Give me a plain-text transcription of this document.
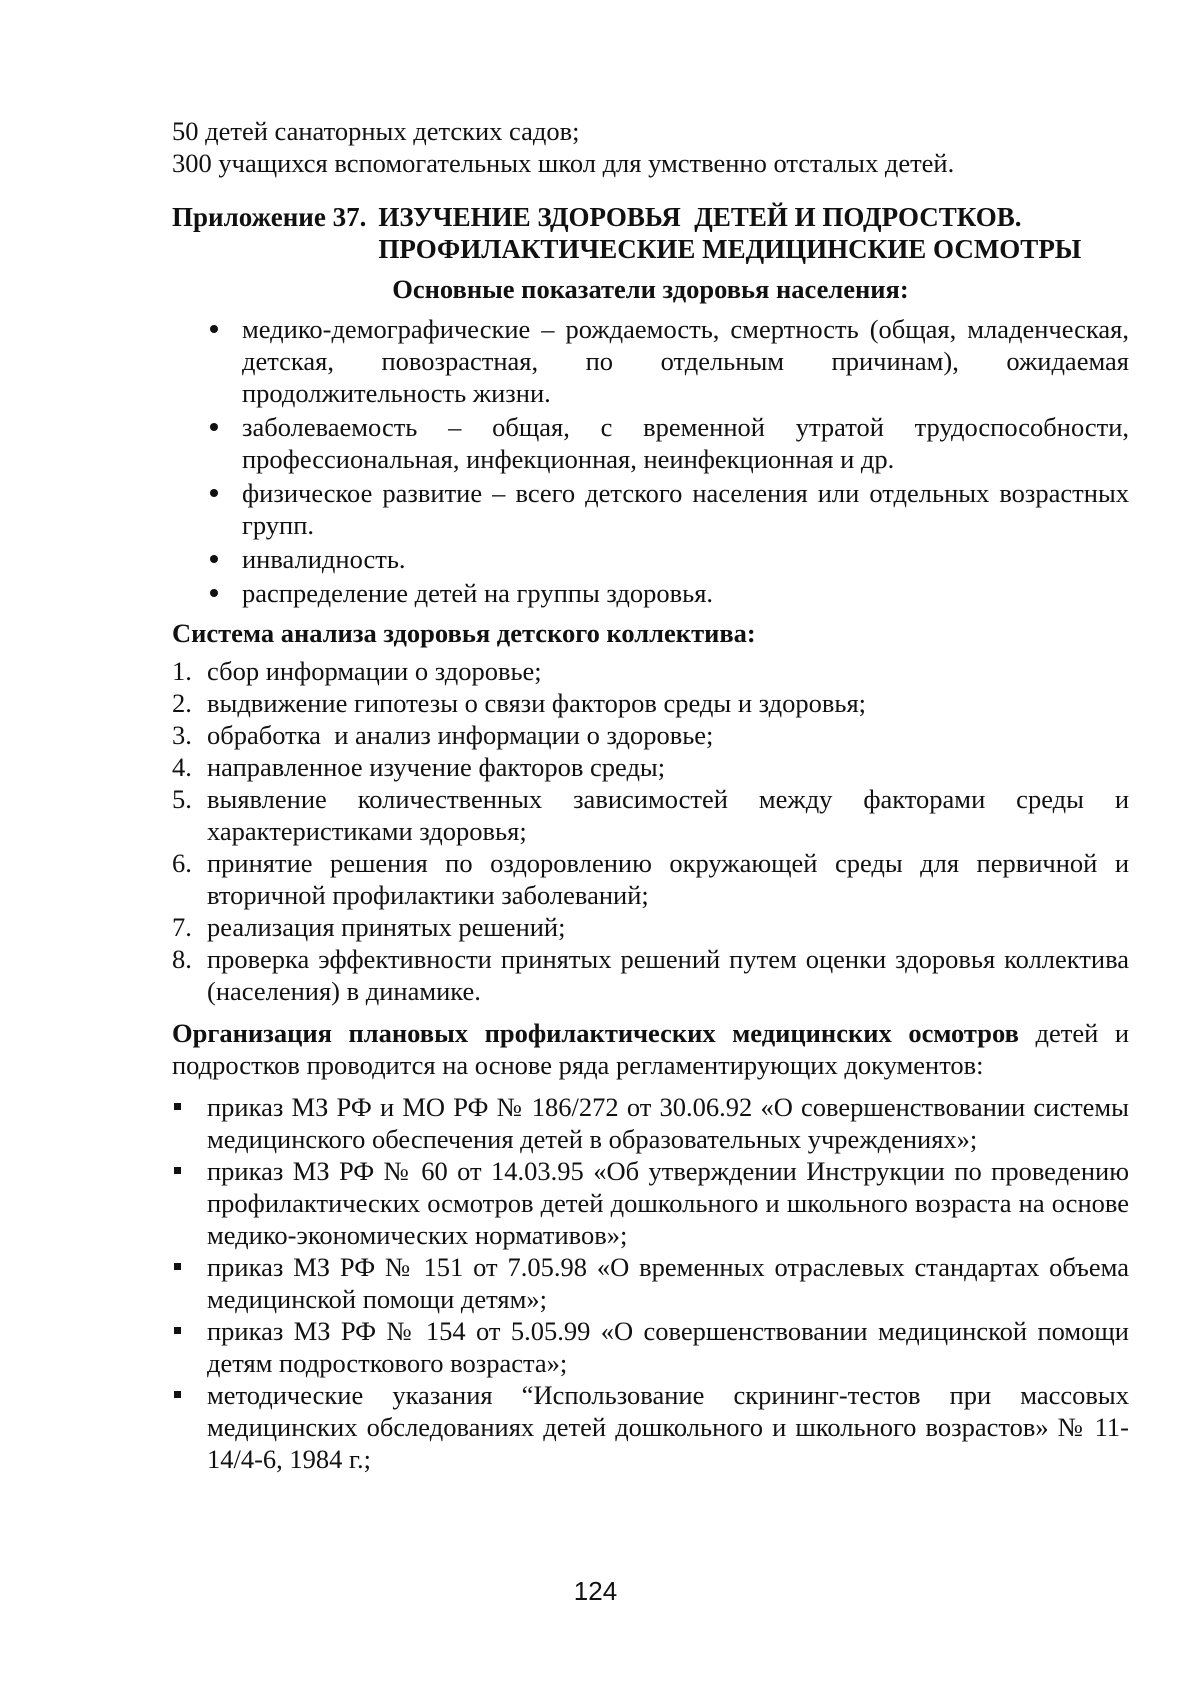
50 детей санаторных детских садов;

300 учащихся вспомогательных школ для умственно отсталых детей.

Приложение 37. ИЗУЧЕНИЕ ЗДОРОВЬЯ  ДЕТЕЙ И ПОДРОСТКОВ.
ПРОФИЛАКТИЧЕСКИЕ МЕДИЦИНСКИЕ ОСМОТРЫ

Основные показатели здоровья населения:

медико-демографические – рождаемость, смертность (общая, младенческая, детская, повозрастная, по отдельным причинам), ожидаемая продолжительность жизни.
заболеваемость – общая, с временной утратой трудоспособности, профессиональная, инфекционная, неинфекционная и др.
физическое развитие – всего детского населения или отдельных возрастных групп.
инвалидность.
распределение детей на группы здоровья.

Система анализа здоровья детского коллектива:

1. сбор информации о здоровье;
2. выдвижение гипотезы о связи факторов среды и здоровья;
3. обработка  и анализ информации о здоровье;
4. направленное изучение факторов среды;
5. выявление количественных зависимостей между факторами среды и характеристиками здоровья;
6. принятие решения по оздоровлению окружающей среды для первичной и вторичной профилактики заболеваний;
7. реализация принятых решений;
8. проверка эффективности принятых решений путем оценки здоровья коллектива (населения) в динамике.

Организация плановых профилактических медицинских осмотров детей и подростков проводится на основе ряда регламентирующих документов:

приказ МЗ РФ и МО РФ № 186/272 от 30.06.92 «О совершенствовании системы медицинского обеспечения детей в образовательных учреждениях»;
приказ МЗ РФ № 60 от 14.03.95 «Об утверждении Инструкции по проведению профилактических осмотров детей дошкольного и школьного возраста на основе медико-экономических нормативов»;
приказ МЗ РФ № 151 от 7.05.98 «О временных отраслевых стандартах объема медицинской помощи детям»;
приказ МЗ РФ № 154 от 5.05.99 «О совершенствовании медицинской помощи детям подросткового возраста»;
методические указания “Использование скрининг-тестов при массовых медицинских обследованиях детей дошкольного и школьного возрастов» № 11-14/4-6, 1984 г.;
124
